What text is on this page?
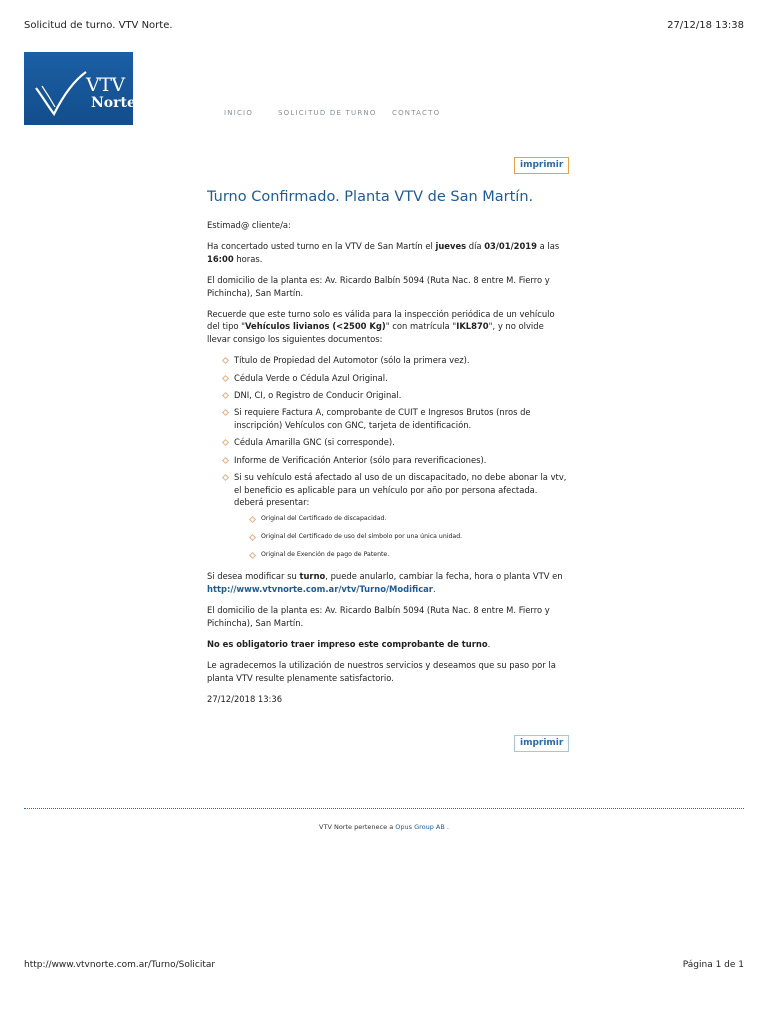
Solicitud de turno. VTV Norte.	27/12/18 13:38
VTV
Norte
INICIO	SOLICITUD DE TURNO CONTACTO
imprimir
Turno Confirmado. Planta VTV de San Martín.

Estimad@ cliente/a:

Ha concertado usted turno en la VTV de San Martín el jueves día 03/01/2019 a las 16:00 horas.

El domicilio de la planta es: Av. Ricardo Balbín 5094 (Ruta Nac. 8 entre M. Fierro y Pichincha), San Martín.

Recuerde que este turno solo es válida para la inspección periódica de un vehículo del tipo "Vehículos livianos (<2500 Kg)" con matrícula "IKL870", y no olvide llevar consigo los siguientes documentos:

Título de Propiedad del Automotor (sólo la primera vez).
Cédula Verde o Cédula Azul Original.
DNI, CI, o Registro de Conducir Original.
Si requiere Factura A, comprobante de CUIT e Ingresos Brutos (nros de inscripción) Vehículos con GNC, tarjeta de identificación.
Cédula Amarilla GNC (si corresponde).
Informe de Verificación Anterior (sólo para reverificaciones).
Si su vehículo está afectado al uso de un discapacitado, no debe abonar la vtv, el beneficio es aplicable para un vehículo por año por persona afectada. deberá presentar:
Original del Certificado de discapacidad.
Original del Certificado de uso del símbolo por una única unidad.
Original de Exención de pago de Patente.

Si desea modificar su turno, puede anularlo, cambiar la fecha, hora o planta VTV en http://www.vtvnorte.com.ar/vtv/Turno/Modificar.

El domicilio de la planta es: Av. Ricardo Balbín 5094 (Ruta Nac. 8 entre M. Fierro y Pichincha), San Martín.

No es obligatorio traer impreso este comprobante de turno.

Le agradecemos la utilización de nuestros servicios y deseamos que su paso por la planta VTV resulte plenamente satisfactorio.

27/12/2018 13:36

imprimir
VTV Norte pertenece a Opus Group AB .
http://www.vtvnorte.com.ar/Turno/Solicitar	Página 1 de 1
